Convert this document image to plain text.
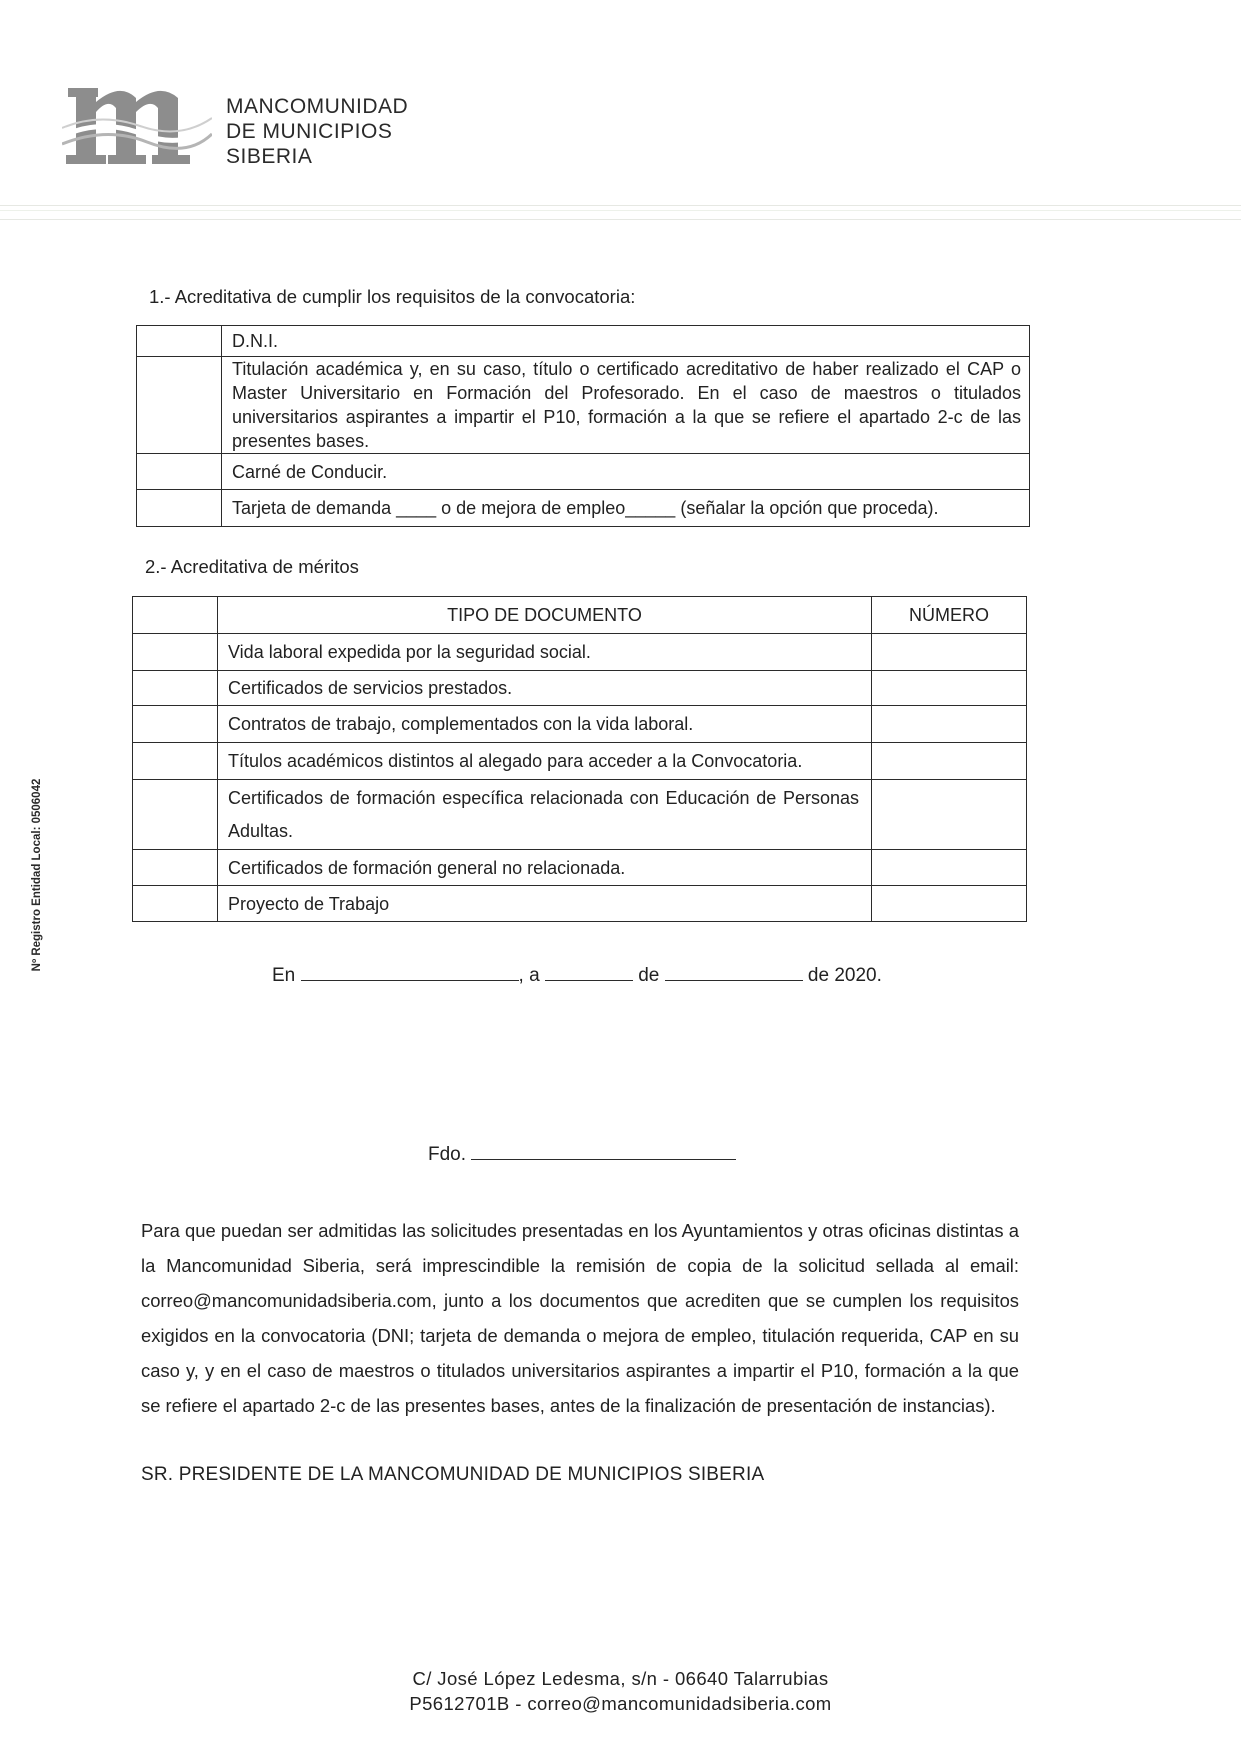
MANCOMUNIDAD
DE MUNICIPIOS
SIBERIA
Nº Registro Entidad Local: 0506042
1.- Acreditativa de cumplir los requisitos de la convocatoria:
	D.N.I.
	Titulación académica y, en su caso, título o certificado acreditativo de haber realizado el CAP o Master Universitario en Formación del Profesorado. En el caso de maestros o titulados universitarios aspirantes a impartir el P10, formación a la que se refiere el apartado 2-c de las presentes bases.
	Carné de Conducir.
	Tarjeta de demanda ____ o de mejora de empleo_____ (señalar la opción que proceda).
2.- Acreditativa de méritos
	TIPO DE DOCUMENTO	NÚMERO
	Vida laboral expedida por la seguridad social.	
	Certificados de servicios prestados.	
	Contratos de trabajo, complementados con la vida laboral.	
	Títulos académicos distintos al alegado para acceder a la Convocatoria.	
	Certificados de formación específica relacionada con Educación de Personas Adultas.	
	Certificados de formación general no relacionada.	
	Proyecto de Trabajo	
En	, a	de	de 2020.
Fdo.
Para que puedan ser admitidas las solicitudes presentadas en los Ayuntamientos y otras oficinas distintas a la Mancomunidad Siberia, será imprescindible la remisión de copia de la solicitud sellada al email: correo@mancomunidadsiberia.com, junto a los documentos que acrediten que se cumplen los requisitos exigidos en la convocatoria (DNI; tarjeta de demanda o mejora de empleo, titulación requerida, CAP en su caso y, y en el caso de maestros o titulados universitarios aspirantes a impartir el P10, formación a la que se refiere el apartado 2-c de las presentes bases, antes de la finalización de presentación de instancias).
SR. PRESIDENTE DE LA MANCOMUNIDAD DE MUNICIPIOS SIBERIA
C/ José López Ledesma, s/n - 06640 Talarrubias
P5612701B - correo@mancomunidadsiberia.com
